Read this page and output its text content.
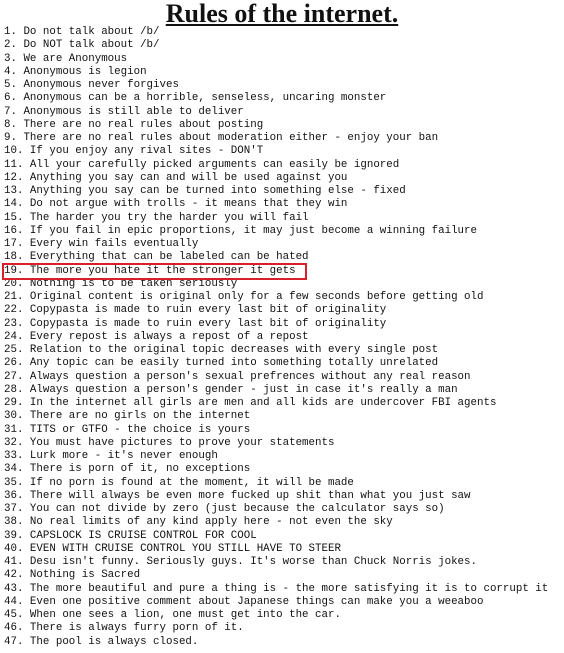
Rules of the internet.
1. Do not talk about /b/
2. Do NOT talk about /b/
3. We are Anonymous
4. Anonymous is legion
5. Anonymous never forgives
6. Anonymous can be a horrible, senseless, uncaring monster
7. Anonymous is still able to deliver
8. There are no real rules about posting
9. There are no real rules about moderation either - enjoy your ban
10. If you enjoy any rival sites - DON'T
11. All your carefully picked arguments can easily be ignored
12. Anything you say can and will be used against you
13. Anything you say can be turned into something else - fixed
14. Do not argue with trolls - it means that they win
15. The harder you try the harder you will fail
16. If you fail in epic proportions, it may just become a winning failure
17. Every win fails eventually
18. Everything that can be labeled can be hated
19. The more you hate it the stronger it gets
20. Nothing is to be taken seriously
21. Original content is original only for a few seconds before getting old
22. Copypasta is made to ruin every last bit of originality
23. Copypasta is made to ruin every last bit of originality
24. Every repost is always a repost of a repost
25. Relation to the original topic decreases with every single post
26. Any topic can be easily turned into something totally unrelated
27. Always question a person's sexual prefrences without any real reason
28. Always question a person's gender - just in case it's really a man
29. In the internet all girls are men and all kids are undercover FBI agents
30. There are no girls on the internet
31. TITS or GTFO - the choice is yours
32. You must have pictures to prove your statements
33. Lurk more - it's never enough
34. There is porn of it, no exceptions
35. If no porn is found at the moment, it will be made
36. There will always be even more fucked up shit than what you just saw
37. You can not divide by zero (just because the calculator says so)
38. No real limits of any kind apply here - not even the sky
39. CAPSLOCK IS CRUISE CONTROL FOR COOL
40. EVEN WITH CRUISE CONTROL YOU STILL HAVE TO STEER
41. Desu isn't funny. Seriously guys. It's worse than Chuck Norris jokes.
42. Nothing is Sacred
43. The more beautiful and pure a thing is - the more satisfying it is to corrupt it
44. Even one positive comment about Japanese things can make you a weeaboo
45. When one sees a lion, one must get into the car.
46. There is always furry porn of it.
47. The pool is always closed.
